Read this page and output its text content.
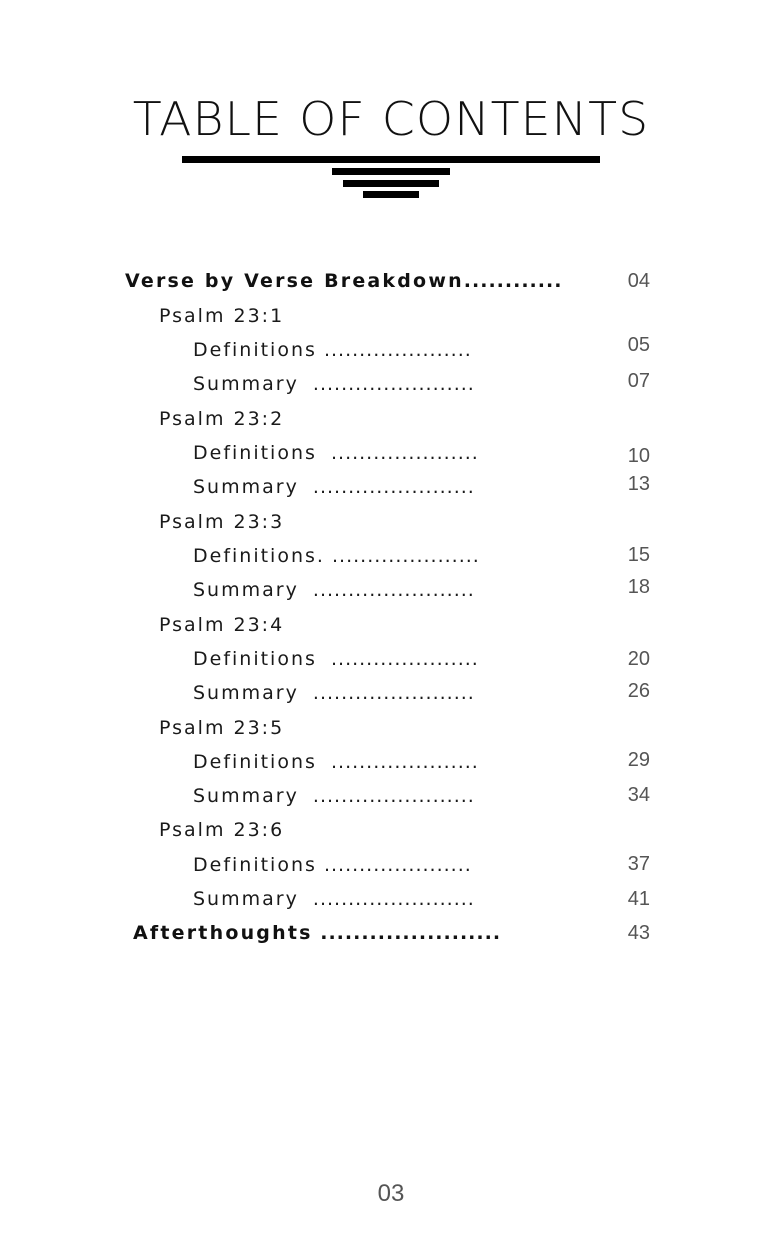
TABLE OF CONTENTS
Verse by Verse Breakdown............	04
Psalm 23:1
Definitions .....................	05
Summary  .......................	07
Psalm 23:2
Definitions  .....................	10
Summary  .......................	13
Psalm 23:3
Definitions. .....................	15
Summary  .......................	18
Psalm 23:4
Definitions  .....................	20
Summary  .......................	26
Psalm 23:5
Definitions  .....................	29
Summary  .......................	34
Psalm 23:6
Definitions .....................	37
Summary  .......................	41
Afterthoughts ......................	43
03
